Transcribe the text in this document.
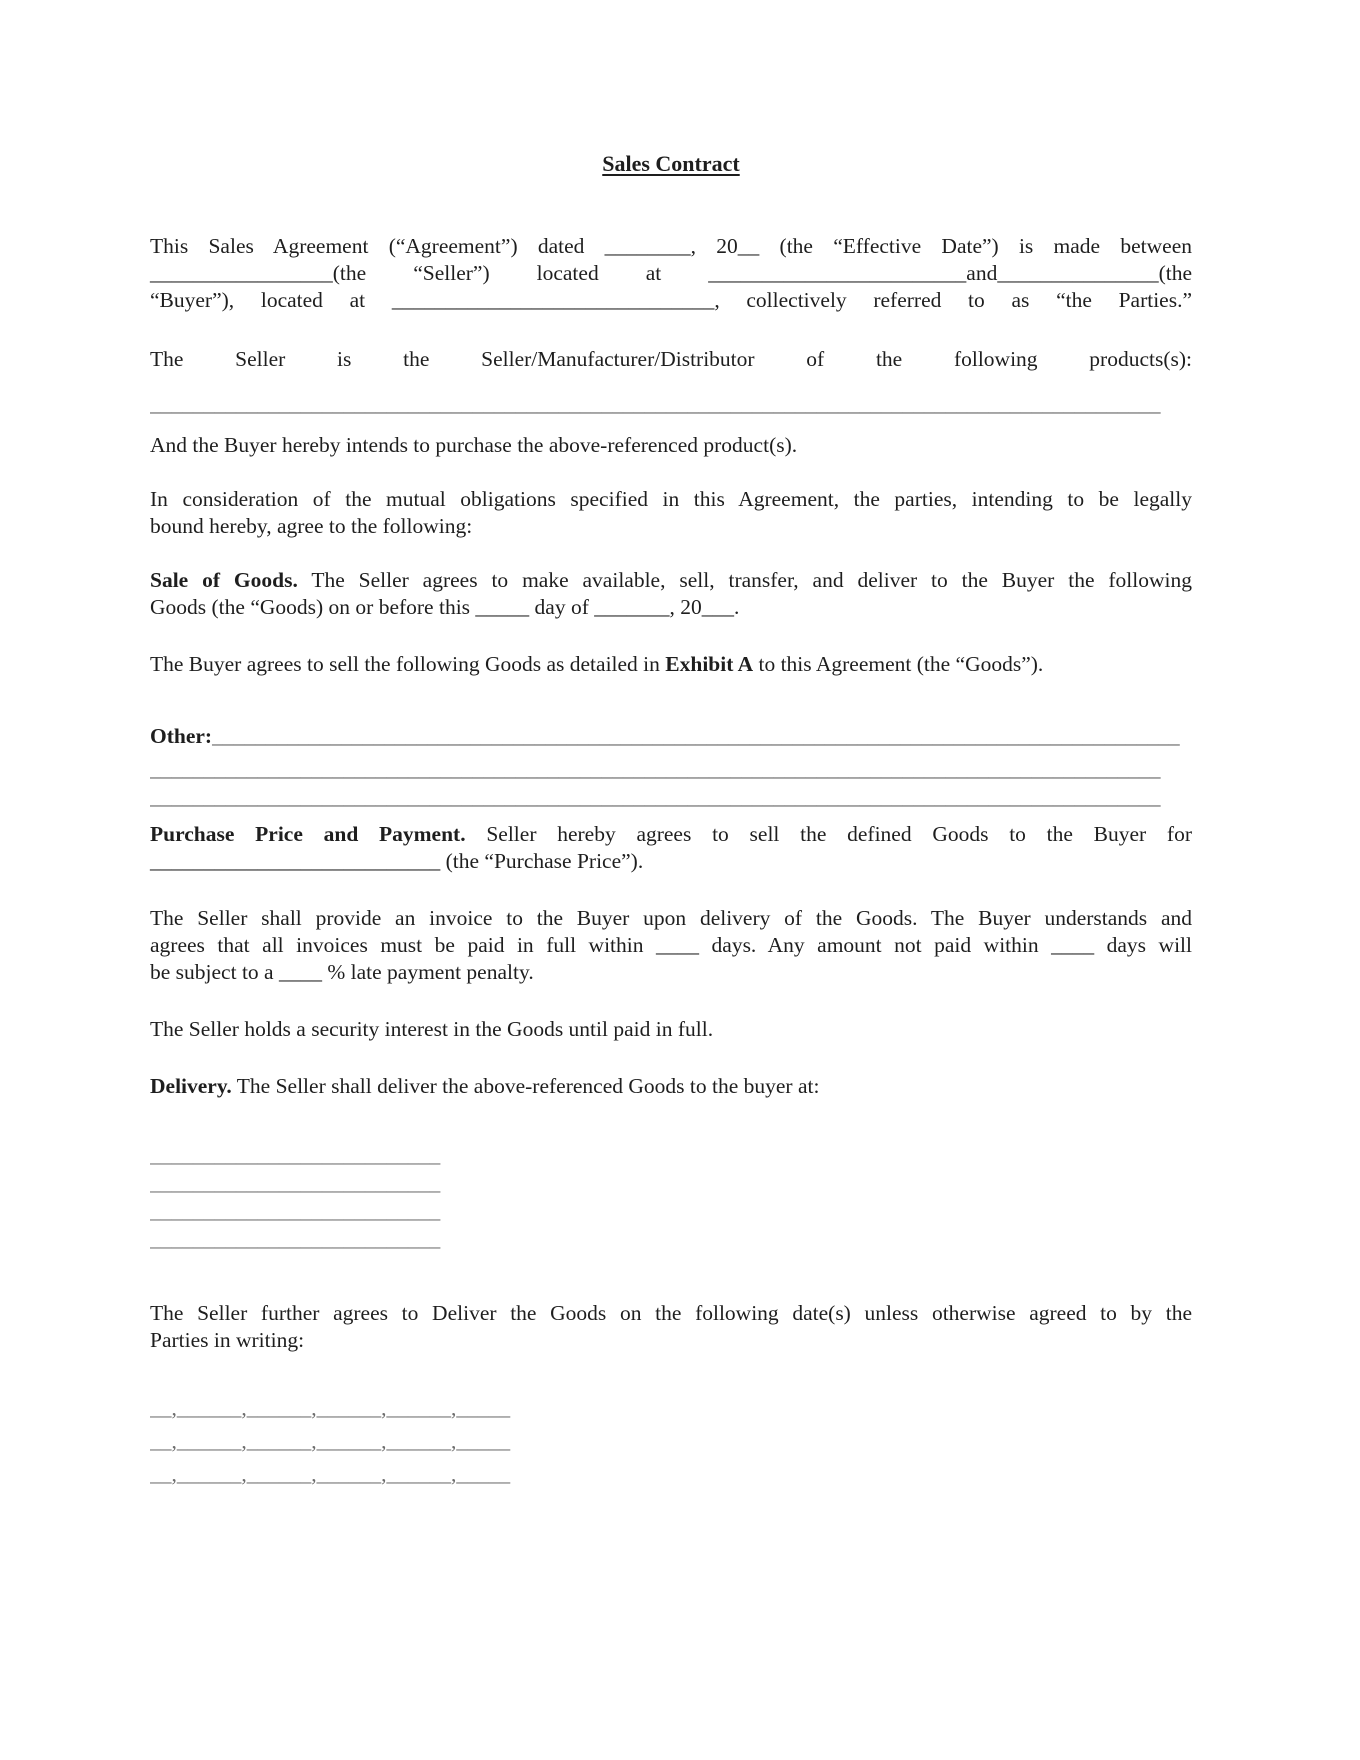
Sales Contract
This Sales Agreement (“Agreement”) dated ________, 20__ (the “Effective Date”) is made between
_________________(the “Seller”) located at ________________________and_______________(the
“Buyer”), located at ______________________________, collectively referred to as “the Parties.”
The Seller is the Seller/Manufacturer/Distributor of the following products(s):
______________________________________________________________________________________________
And the Buyer hereby intends to purchase the above-referenced product(s).
In consideration of the mutual obligations specified in this Agreement, the parties, intending to be legally
bound hereby, agree to the following:
Sale of Goods. The Seller agrees to make available, sell, transfer, and deliver to the Buyer the following
Goods (the “Goods) on or before this _____ day of _______, 20___.
The Buyer agrees to sell the following Goods as detailed in Exhibit A to this Agreement (the “Goods”).
Other:__________________________________________________________________________________________
______________________________________________________________________________________________
______________________________________________________________________________________________
Purchase Price and Payment. Seller hereby agrees to sell the defined Goods to the Buyer for
___________________________ (the “Purchase Price”).
The Seller shall provide an invoice to the Buyer upon delivery of the Goods. The Buyer understands and
agrees that all invoices must be paid in full within ____ days. Any amount not paid within ____ days will
be subject to a ____ % late payment penalty.
The Seller holds a security interest in the Goods until paid in full.
Delivery. The Seller shall deliver the above-referenced Goods to the buyer at:
___________________________
___________________________
___________________________
___________________________
The Seller further agrees to Deliver the Goods on the following date(s) unless otherwise agreed to by the
Parties in writing:
__,______,______,______,______,_____
__,______,______,______,______,_____
__,______,______,______,______,_____
